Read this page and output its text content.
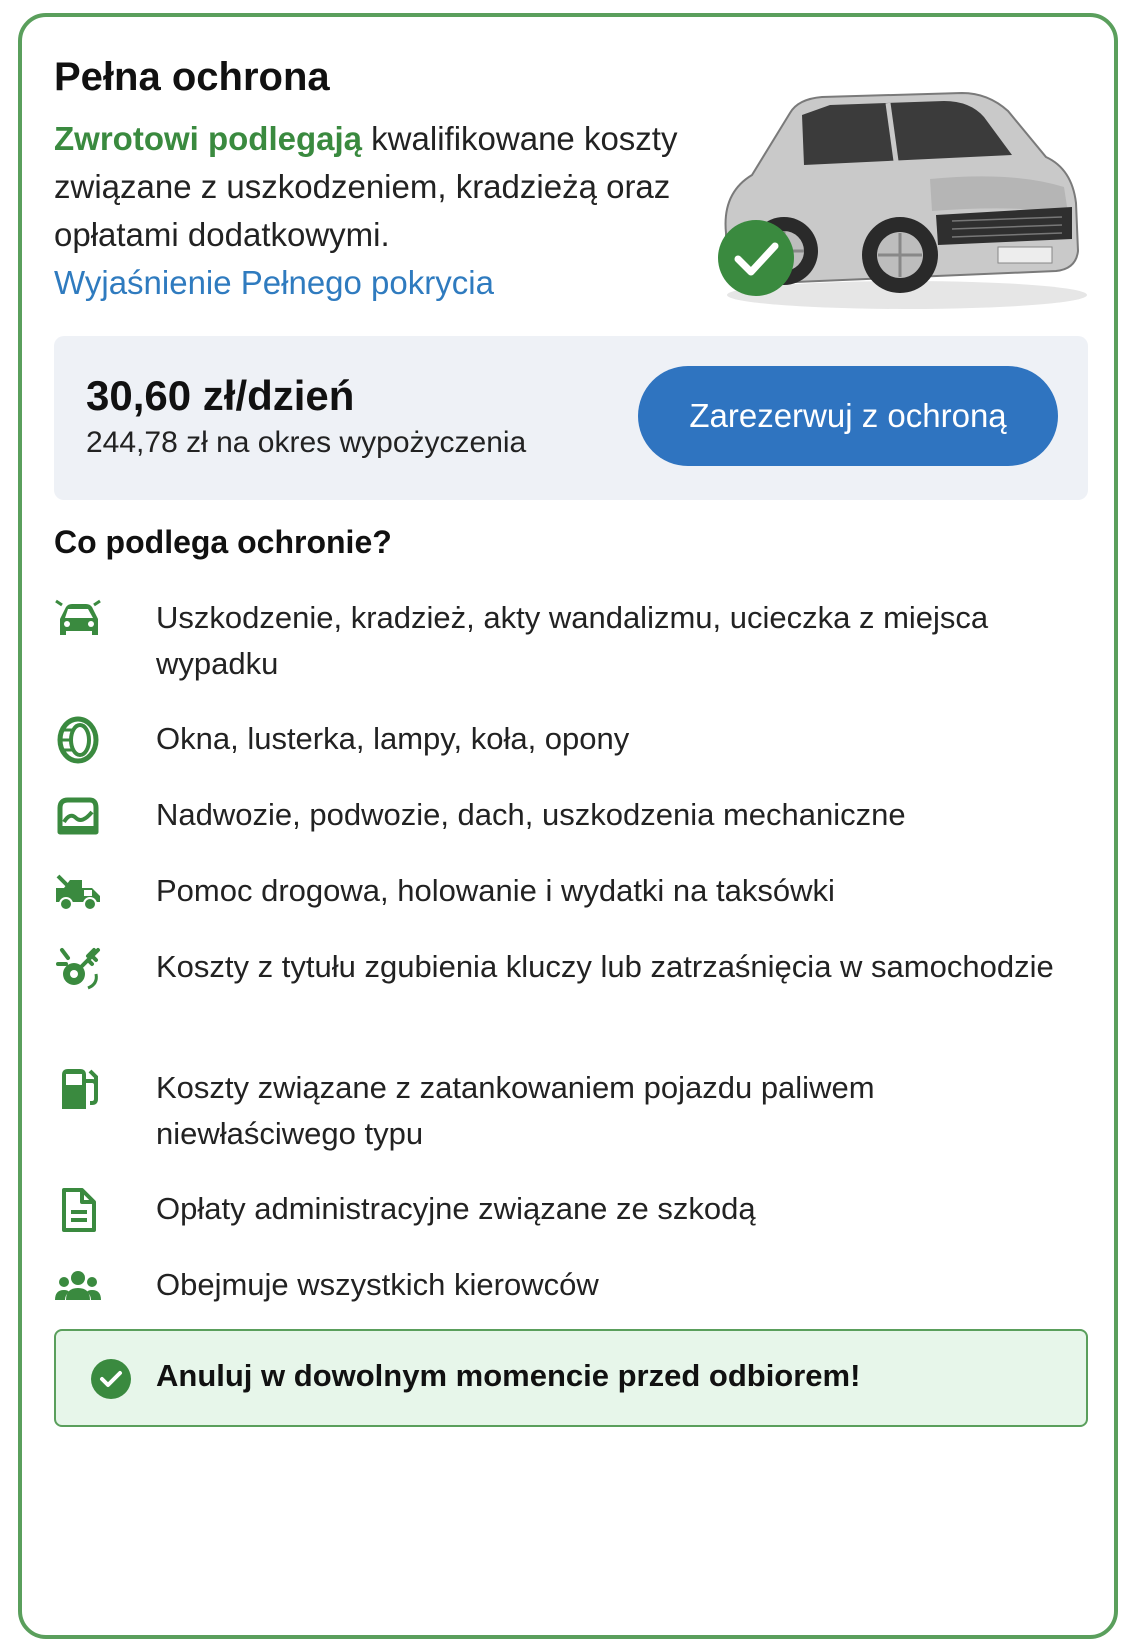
Pełna ochrona
Zwrotowi podlegają kwalifikowane koszty związane z uszkodzeniem, kradzieżą oraz opłatami dodatkowymi.
Wyjaśnienie Pełnego pokrycia
30,60 zł/dzień
244,78 zł na okres wypożyczenia
Zarezerwuj z ochroną
Co podlega ochronie?
Uszkodzenie, kradzież, akty wandalizmu, ucieczka z miejsca wypadku
Okna, lusterka, lampy, koła, opony
Nadwozie, podwozie, dach, uszkodzenia mechaniczne
Pomoc drogowa, holowanie i wydatki na taksówki
Koszty z tytułu zgubienia kluczy lub zatrzaśnięcia w samochodzie
Koszty związane z zatankowaniem pojazdu paliwem niewłaściwego typu
Opłaty administracyjne związane ze szkodą
Obejmuje wszystkich kierowców
Anuluj w dowolnym momencie przed odbiorem!
